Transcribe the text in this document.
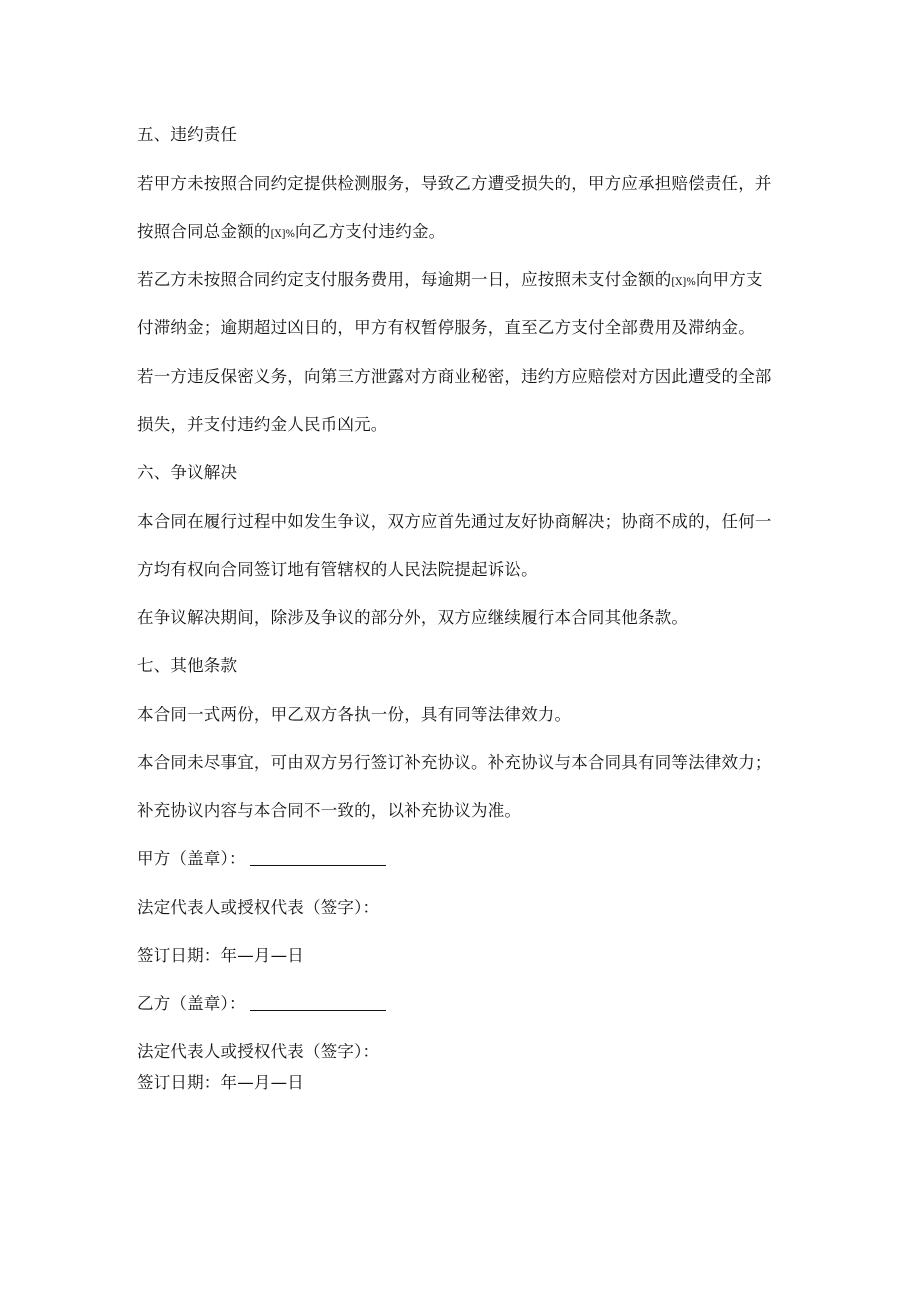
五、违约责任
若甲方未按照合同约定提供检测服务，导致乙方遭受损失的，甲方应承担赔偿责任，并
按照合同总金额的[X]%向乙方支付违约金。
若乙方未按照合同约定支付服务费用，每逾期一日，应按照未支付金额的[X]%向甲方支
付滞纳金；逾期超过凶日的，甲方有权暂停服务，直至乙方支付全部费用及滞纳金。
若一方违反保密义务，向第三方泄露对方商业秘密，违约方应赔偿对方因此遭受的全部
损失，并支付违约金人民币凶元。
六、争议解决
本合同在履行过程中如发生争议，双方应首先通过友好协商解决；协商不成的，任何一
方均有权向合同签订地有管辖权的人民法院提起诉讼。
在争议解决期间，除涉及争议的部分外，双方应继续履行本合同其他条款。
七、其他条款
本合同一式两份，甲乙双方各执一份，具有同等法律效力。
本合同未尽事宜，可由双方另行签订补充协议。补充协议与本合同具有同等法律效力；
补充协议内容与本合同不一致的，以补充协议为准。
甲方（盖章）：
法定代表人或授权代表（签字）：
签订日期：年—月—日
乙方（盖章）：
法定代表人或授权代表（签字）：
签订日期：年—月—日
